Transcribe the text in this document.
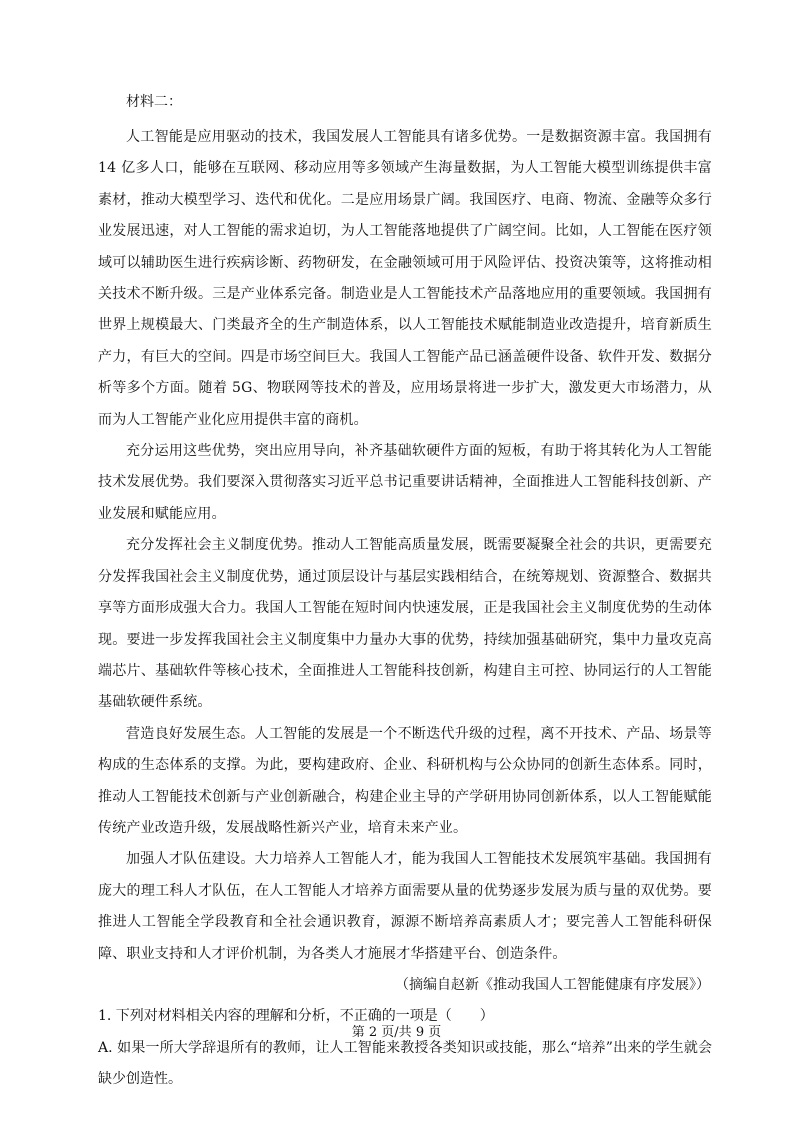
材料二：

人工智能是应用驱动的技术，我国发展人工智能具有诸多优势。一是数据资源丰富。我国拥有 14 亿多人口，能够在互联网、移动应用等多领域产生海量数据，为人工智能大模型训练提供丰富素材，推动大模型学习、迭代和优化。二是应用场景广阔。我国医疗、电商、物流、金融等众多行业发展迅速，对人工智能的需求迫切，为人工智能落地提供了广阔空间。比如，人工智能在医疗领域可以辅助医生进行疾病诊断、药物研发，在金融领域可用于风险评估、投资决策等，这将推动相关技术不断升级。三是产业体系完备。制造业是人工智能技术产品落地应用的重要领域。我国拥有世界上规模最大、门类最齐全的生产制造体系，以人工智能技术赋能制造业改造提升，培育新质生产力，有巨大的空间。四是市场空间巨大。我国人工智能产品已涵盖硬件设备、软件开发、数据分析等多个方面。随着 5G、物联网等技术的普及，应用场景将进一步扩大，激发更大市场潜力，从而为人工智能产业化应用提供丰富的商机。

充分运用这些优势，突出应用导向，补齐基础软硬件方面的短板，有助于将其转化为人工智能技术发展优势。我们要深入贯彻落实习近平总书记重要讲话精神，全面推进人工智能科技创新、产业发展和赋能应用。

充分发挥社会主义制度优势。推动人工智能高质量发展，既需要凝聚全社会的共识，更需要充分发挥我国社会主义制度优势，通过顶层设计与基层实践相结合，在统筹规划、资源整合、数据共享等方面形成强大合力。我国人工智能在短时间内快速发展，正是我国社会主义制度优势的生动体现。要进一步发挥我国社会主义制度集中力量办大事的优势，持续加强基础研究，集中力量攻克高端芯片、基础软件等核心技术，全面推进人工智能科技创新，构建自主可控、协同运行的人工智能基础软硬件系统。

营造良好发展生态。人工智能的发展是一个不断迭代升级的过程，离不开技术、产品、场景等构成的生态体系的支撑。为此，要构建政府、企业、科研机构与公众协同的创新生态体系。同时，推动人工智能技术创新与产业创新融合，构建企业主导的产学研用协同创新体系，以人工智能赋能传统产业改造升级，发展战略性新兴产业，培育未来产业。

加强人才队伍建设。大力培养人工智能人才，能为我国人工智能技术发展筑牢基础。我国拥有庞大的理工科人才队伍，在人工智能人才培养方面需要从量的优势逐步发展为质与量的双优势。要推进人工智能全学段教育和全社会通识教育，源源不断培养高素质人才；要完善人工智能科研保障、职业支持和人才评价机制，为各类人才施展才华搭建平台、创造条件。

（摘编自赵新《推动我国人工智能健康有序发展》）

1. 下列对材料相关内容的理解和分析，不正确的一项是（　　）

A. 如果一所大学辞退所有的教师，让人工智能来教授各类知识或技能，那么“培养”出来的学生就会缺少创造性。

第 2 页/共 9 页
